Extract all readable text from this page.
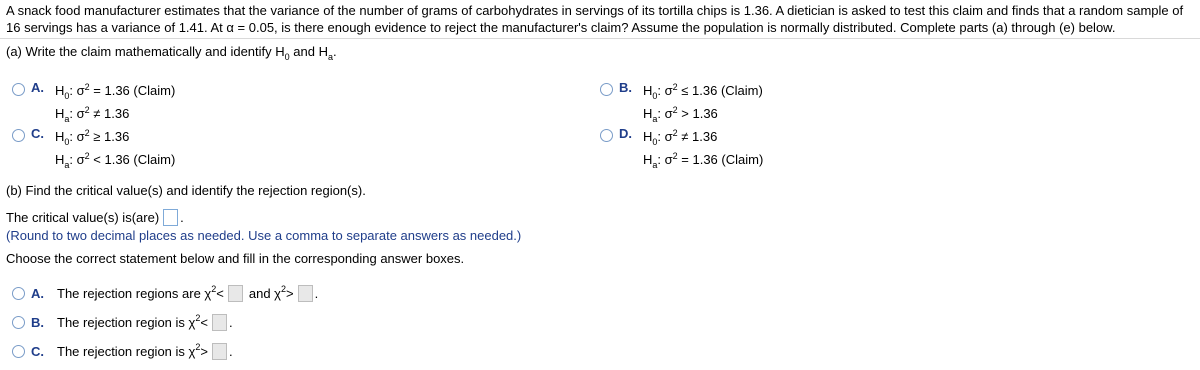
A snack food manufacturer estimates that the variance of the number of grams of carbohydrates in servings of its tortilla chips is 1.36. A dietician is asked to test this claim and finds that a random sample of 16 servings has a variance of 1.41. At α = 0.05, is there enough evidence to reject the manufacturer's claim? Assume the population is normally distributed. Complete parts (a) through (e) below.
(a) Write the claim mathematically and identify $H_0$ and $H_a$.
A. $H_0$: $\sigma^2 = 1.36$ (Claim)
$H_a$: $\sigma^2 \ne 1.36$
B. $H_0$: $\sigma^2 \le 1.36$ (Claim)
$H_a$: $\sigma^2 > 1.36$
C. $H_0$: $\sigma^2 \ge 1.36$
$H_a$: $\sigma^2 < 1.36$ (Claim)
D. $H_0$: $\sigma^2 \ne 1.36$
$H_a$: $\sigma^2 = 1.36$ (Claim)
(b) Find the critical value(s) and identify the rejection region(s).
The critical value(s) is(are) .
(Round to two decimal places as needed. Use a comma to separate answers as needed.)
Choose the correct statement below and fill in the corresponding answer boxes.
A.	The rejection regions are χ 2 < and χ 2 > .
B.	The rejection region is χ 2 < .
C.	The rejection region is χ 2 > .
